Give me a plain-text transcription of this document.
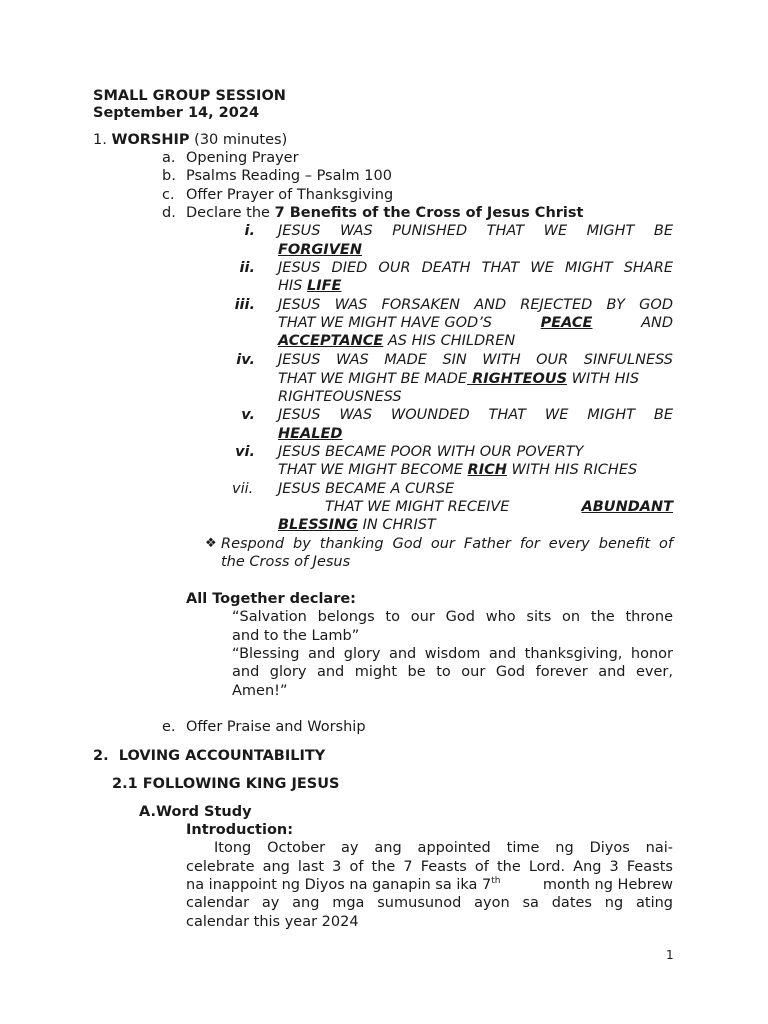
SMALL GROUP SESSION
September 14, 2024
1. WORSHIP (30 minutes)
a. Opening Prayer
b. Psalms Reading – Psalm 100
c. Offer Prayer of Thanksgiving
d. Declare the 7 Benefits of the Cross of Jesus Christ
i. JESUS WAS PUNISHED THAT WE MIGHT BE
FORGIVEN
ii. JESUS DIED OUR DEATH THAT WE MIGHT SHARE
HIS LIFE
iii. JESUS WAS FORSAKEN AND REJECTED BY GOD
THAT WE MIGHT HAVE GOD’S	PEACE	AND
ACCEPTANCE AS HIS CHILDREN
iv. JESUS WAS MADE SIN WITH OUR SINFULNESS
THAT WE MIGHT BE MADE RIGHTEOUS WITH HIS
RIGHTEOUSNESS
v. JESUS WAS WOUNDED THAT WE MIGHT BE
HEALED
vi. JESUS BECAME POOR WITH OUR POVERTY
THAT WE MIGHT BECOME RICH WITH HIS RICHES
vii. JESUS BECAME A CURSE
THAT WE MIGHT RECEIVE	ABUNDANT
BLESSING IN CHRIST
❖ Respond by thanking God our Father for every benefit of
the Cross of Jesus
All Together declare:
“Salvation belongs to our God who sits on the throne
and to the Lamb”
“Blessing and glory and wisdom and thanksgiving, honor
and glory and might be to our God forever and ever,
Amen!”
e. Offer Praise and Worship
2. LOVING ACCOUNTABILITY
2.1 FOLLOWING KING JESUS
A.Word Study
Introduction:
Itong October ay ang appointed time ng Diyos nai-
celebrate ang last 3 of the 7 Feasts of the Lord. Ang 3 Feasts
na inappoint ng Diyos na ganapin sa ika 7th	month ng Hebrew
calendar ay ang mga sumusunod ayon sa dates ng ating
calendar this year 2024
1
